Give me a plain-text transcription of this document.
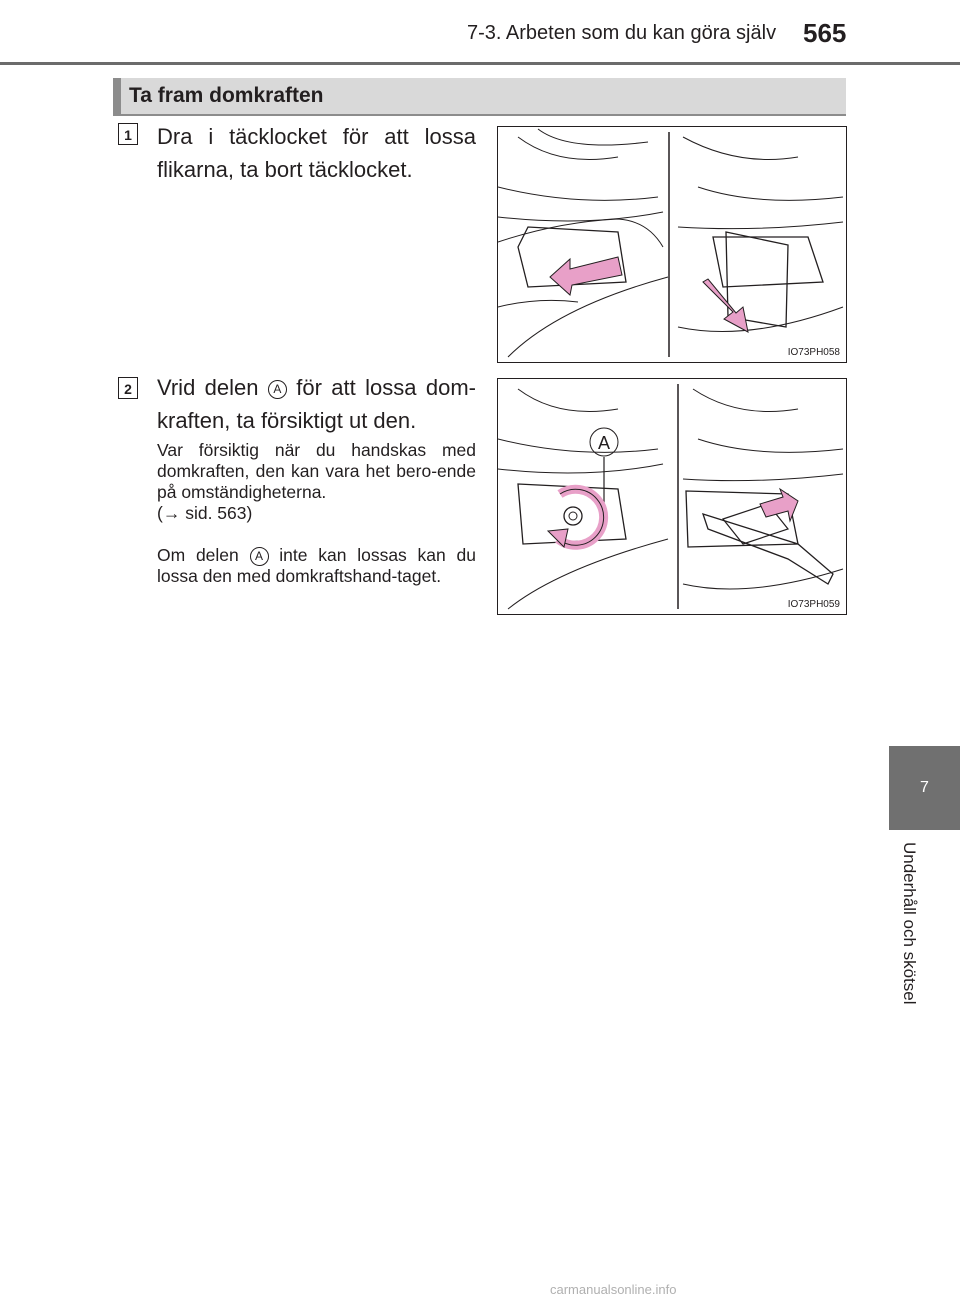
7-3. Arbeten som du kan göra själv 565
Ta fram domkraften
1 Dra i täcklocket för att lossa flikarna, ta bort täcklocket.
IO73PH058
2 Vrid delen A för att lossa dom-kraften, ta försiktigt ut den.
Var försiktig när du handskas med domkraften, den kan vara het bero-ende på omständigheterna.
(→ sid. 563)
Om delen A inte kan lossas kan du lossa den med domkraftshand-taget.
A
IO73PH059
7
Underhåll och skötsel
carmanualsonline.info
